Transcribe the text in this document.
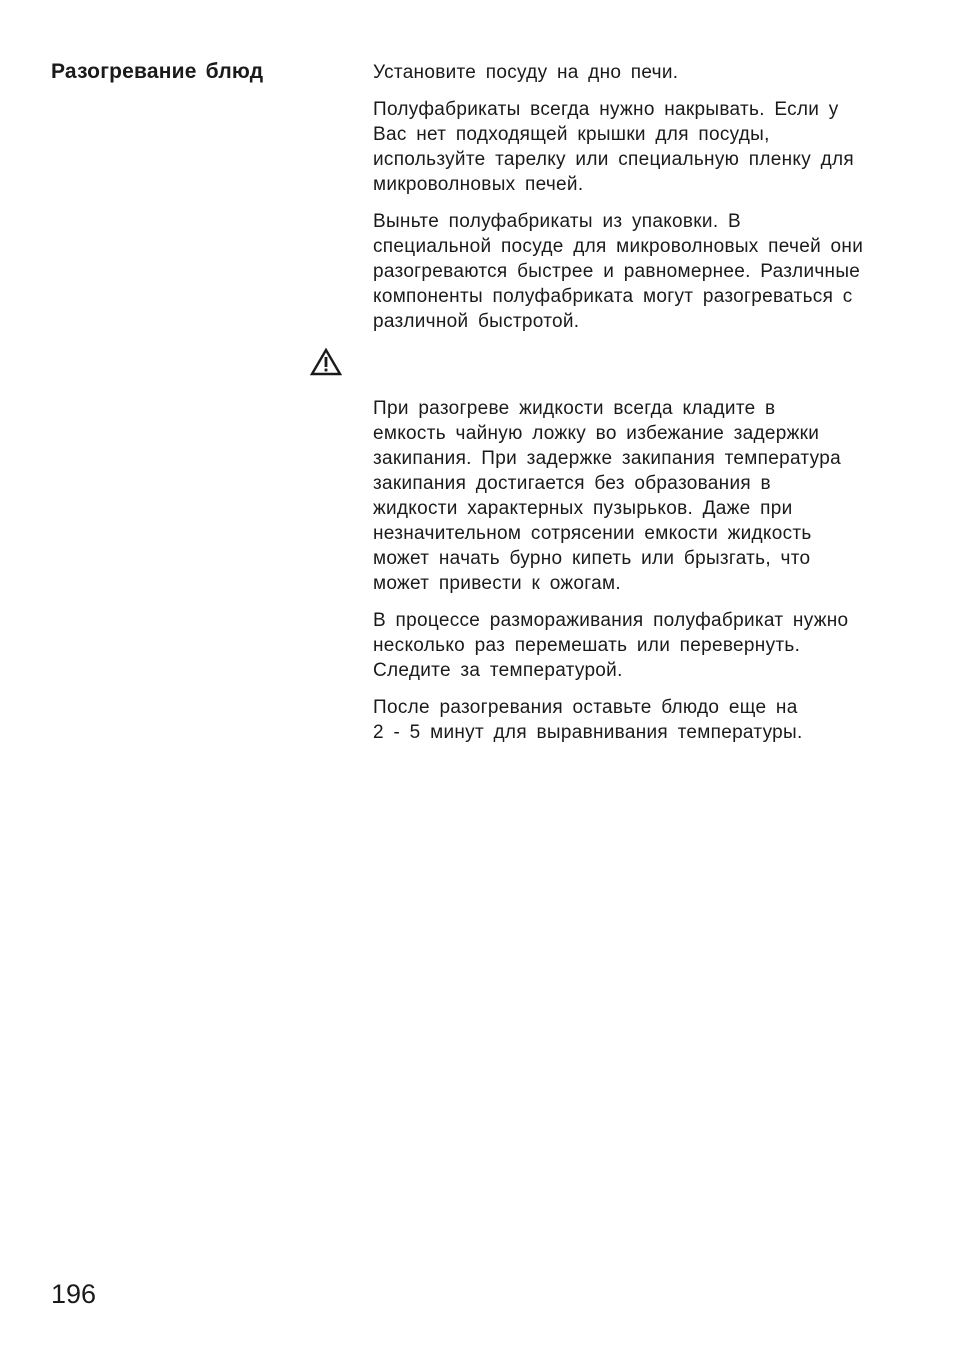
Разогревание блюд	Установите посуду на дно печи.

Полуфабрикаты всегда нужно накрывать. Если у
Вас нет подходящей крышки для посуды,
используйте тарелку или специальную пленку для
микроволновых печей.

Выньте полуфабрикаты из упаковки. В
специальной посуде для микроволновых печей они
разогреваются быстрее и равномернее. Различные
компоненты полуфабриката могут разогреваться с
различной быстротой.

При разогреве жидкости всегда кладите в
емкость чайную ложку во избежание задержки
закипания. При задержке закипания температура
закипания достигается без образования в
жидкости характерных пузырьков. Даже при
незначительном сотрясении емкости жидкость
может начать бурно кипеть или брызгать, что
может привести к ожогам.

В процессе размораживания полуфабрикат нужно
несколько раз перемешать или перевернуть.
Следите за температурой.

После разогревания оставьте блюдо еще на
2 - 5 минут для выравнивания температуры.

196
